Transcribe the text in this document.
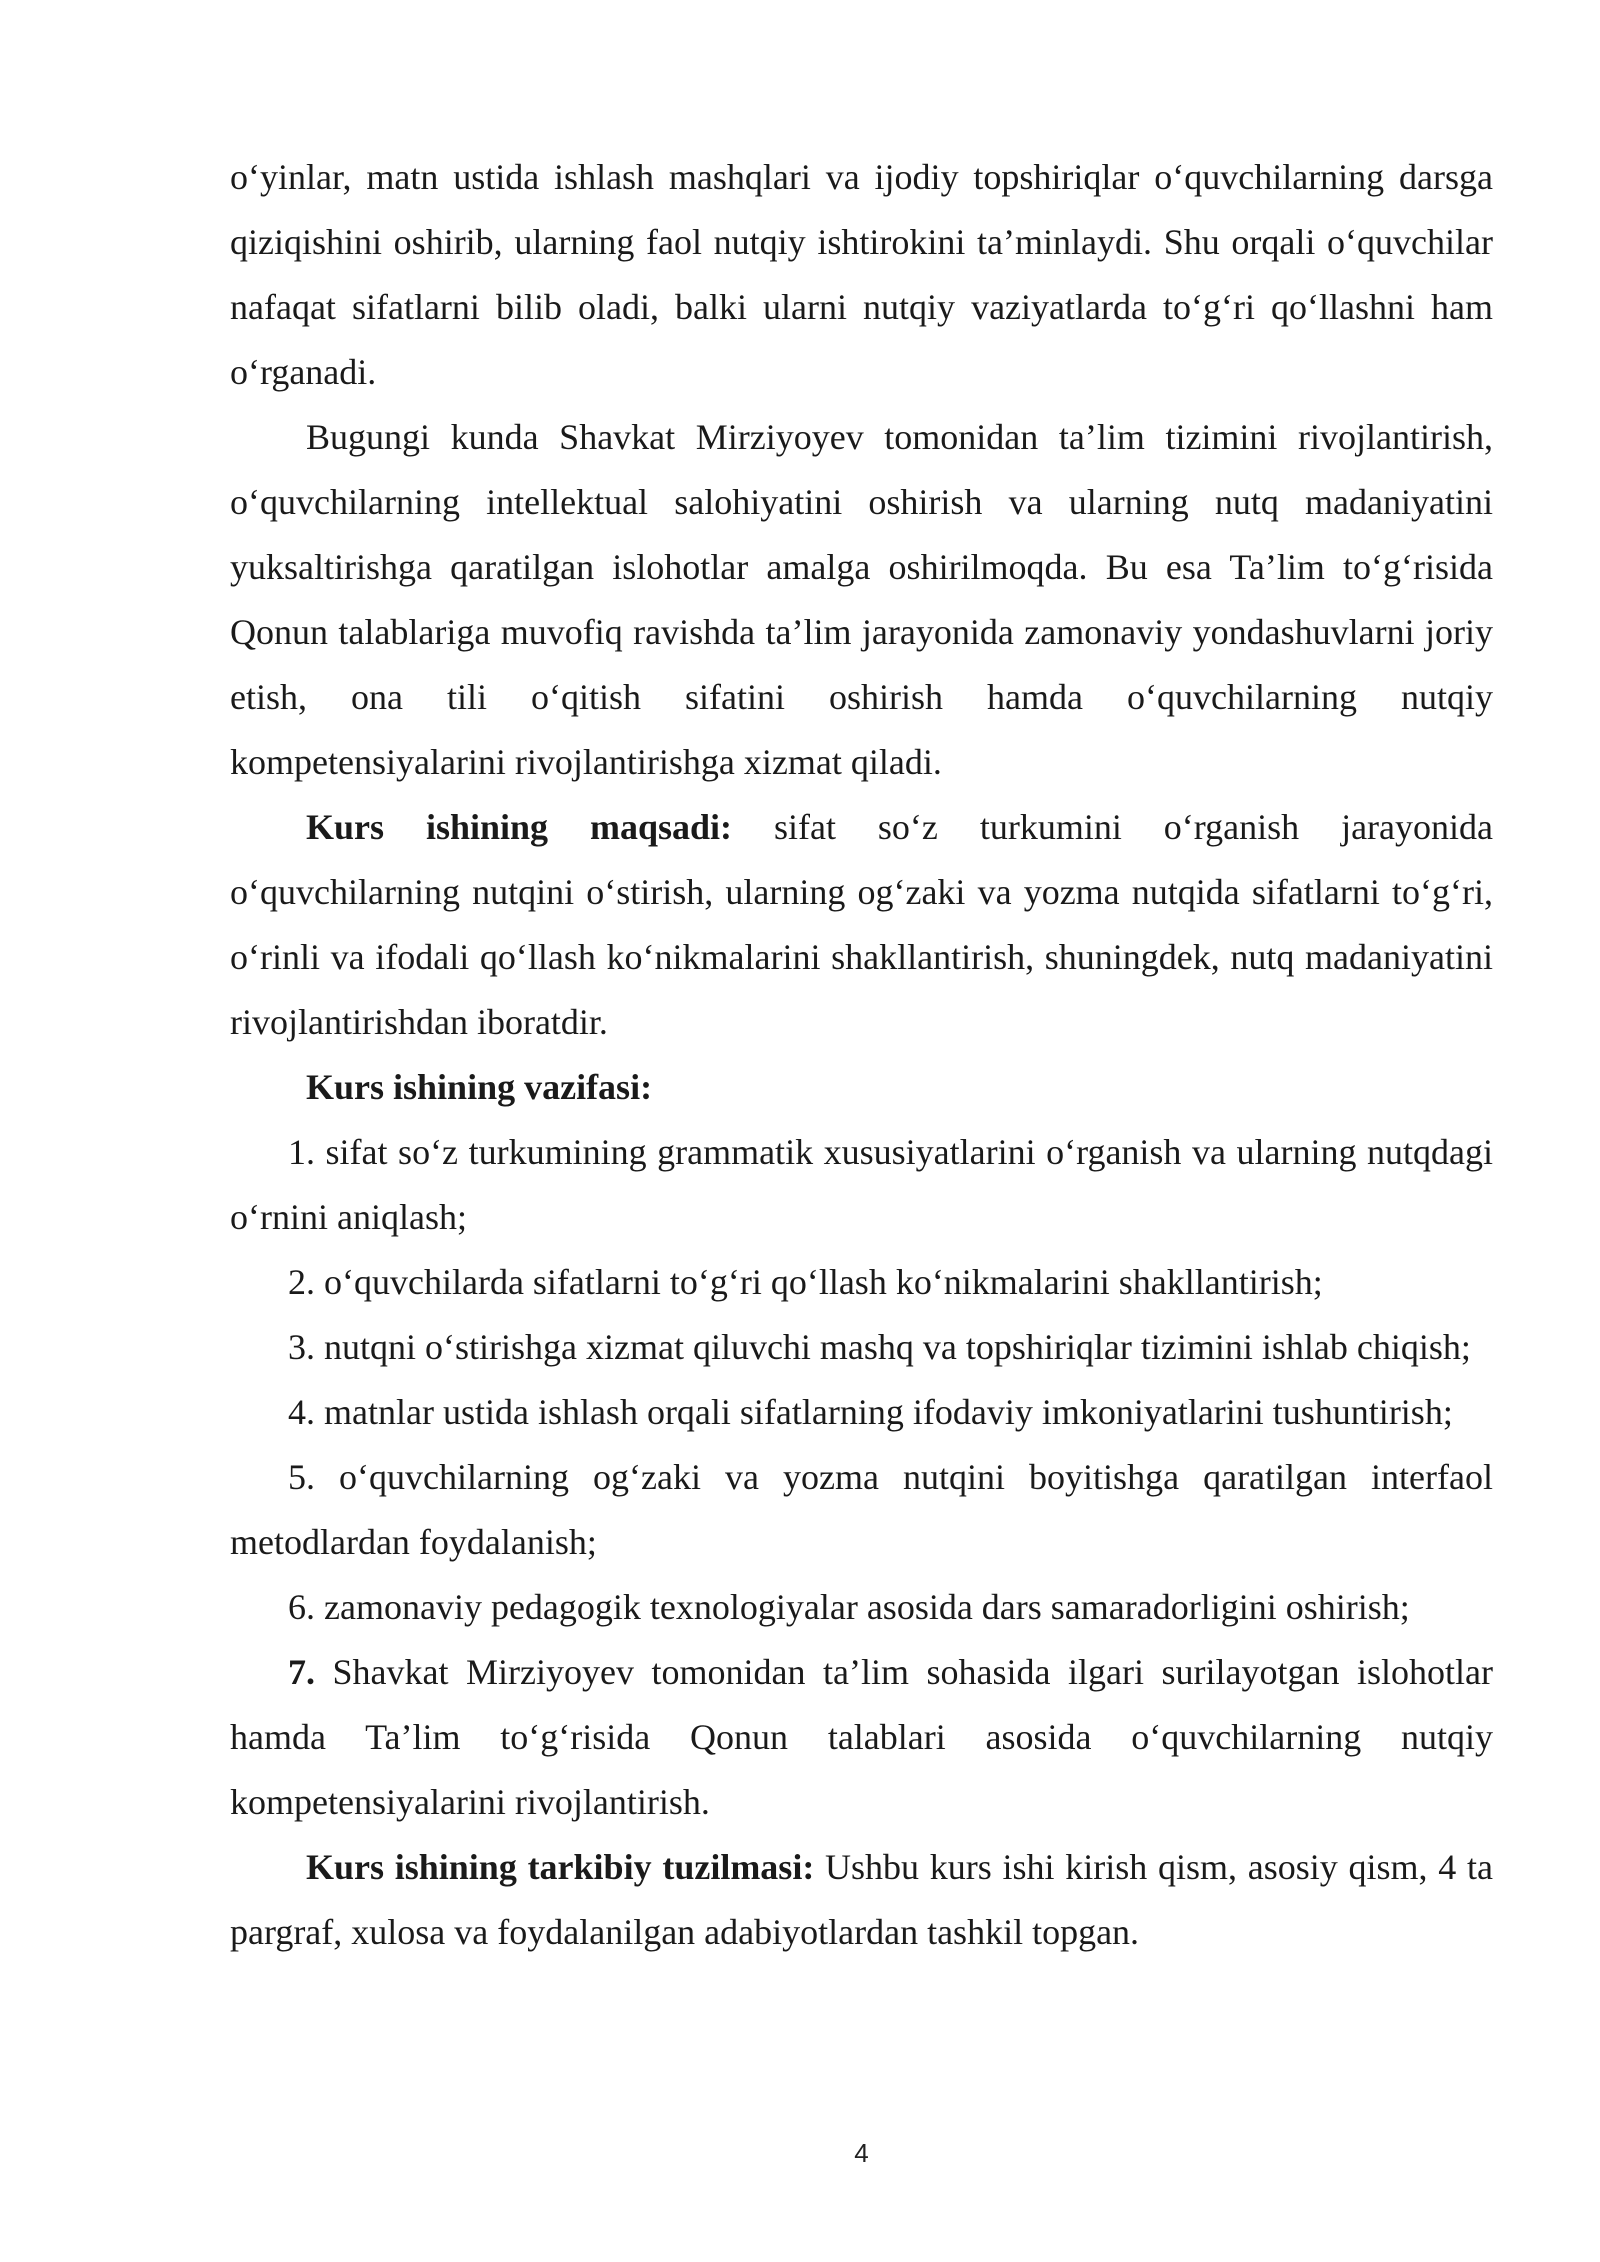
o‘yinlar, matn ustida ishlash mashqlari va ijodiy topshiriqlar o‘quvchilarning darsga qiziqishini oshirib, ularning faol nutqiy ishtirokini ta’minlaydi. Shu orqali o‘quvchilar nafaqat sifatlarni bilib oladi, balki ularni nutqiy vaziyatlarda to‘g‘ri qo‘llashni ham o‘rganadi.

Bugungi kunda Shavkat Mirziyoyev tomonidan ta’lim tizimini rivojlantirish, o‘quvchilarning intellektual salohiyatini oshirish va ularning nutq madaniyatini yuksaltirishga qaratilgan islohotlar amalga oshirilmoqda. Bu esa Ta’lim to‘g‘risida Qonun talablariga muvofiq ravishda ta’lim jarayonida zamonaviy yondashuvlarni joriy etish, ona tili o‘qitish sifatini oshirish hamda o‘quvchilarning nutqiy kompetensiyalarini rivojlantirishga xizmat qiladi.

Kurs ishining maqsadi: sifat so‘z turkumini o‘rganish jarayonida o‘quvchilarning nutqini o‘stirish, ularning og‘zaki va yozma nutqida sifatlarni to‘g‘ri, o‘rinli va ifodali qo‘llash ko‘nikmalarini shakllantirish, shuningdek, nutq madaniyatini rivojlantirishdan iboratdir.

Kurs ishining vazifasi:

1. sifat so‘z turkumining grammatik xususiyatlarini o‘rganish va ularning nutqdagi o‘rnini aniqlash;

2. o‘quvchilarda sifatlarni to‘g‘ri qo‘llash ko‘nikmalarini shakllantirish;

3. nutqni o‘stirishga xizmat qiluvchi mashq va topshiriqlar tizimini ishlab chiqish;

4. matnlar ustida ishlash orqali sifatlarning ifodaviy imkoniyatlarini tushuntirish;

5. o‘quvchilarning og‘zaki va yozma nutqini boyitishga qaratilgan interfaol metodlardan foydalanish;

6. zamonaviy pedagogik texnologiyalar asosida dars samaradorligini oshirish;

7. Shavkat Mirziyoyev tomonidan ta’lim sohasida ilgari surilayotgan islohotlar hamda Ta’lim to‘g‘risida Qonun talablari asosida o‘quvchilarning nutqiy kompetensiyalarini rivojlantirish.

Kurs ishining tarkibiy tuzilmasi: Ushbu kurs ishi kirish qism, asosiy qism, 4 ta pargraf, xulosa va foydalanilgan adabiyotlardan tashkil topgan.

4
